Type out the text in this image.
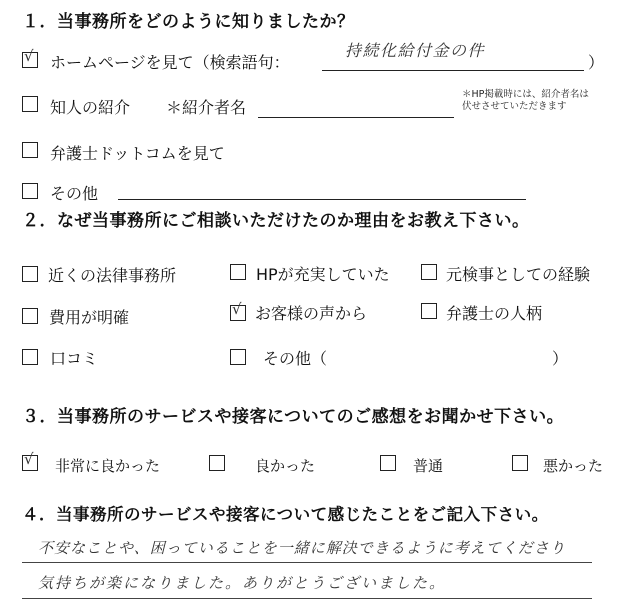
１．当事務所をどのように知りましたか？
√ ホームページを見て（検索語句：
持続化給付金の件
）
知人の紹介 ＊紹介者名
＊HP掲載時には、紹介者名は
伏せさせていただきます
弁護士ドットコムを見て
その他
２．なぜ当事務所にご相談いただけたのか理由をお教え下さい。
近くの法律事務所	HPが充実していた	元検事としての経験
費用が明確	√ お客様の声から	弁護士の人柄
口コミ	その他（	）
３．当事務所のサービスや接客についてのご感想をお聞かせ下さい。
√ 非常に良かった	良かった	普通	悪かった
４．当事務所のサービスや接客について感じたことをご記入下さい。
不安なことや、困っていることを一緒に解決できるように考えてくださり
気持ちが楽になりました。ありがとうございました。
